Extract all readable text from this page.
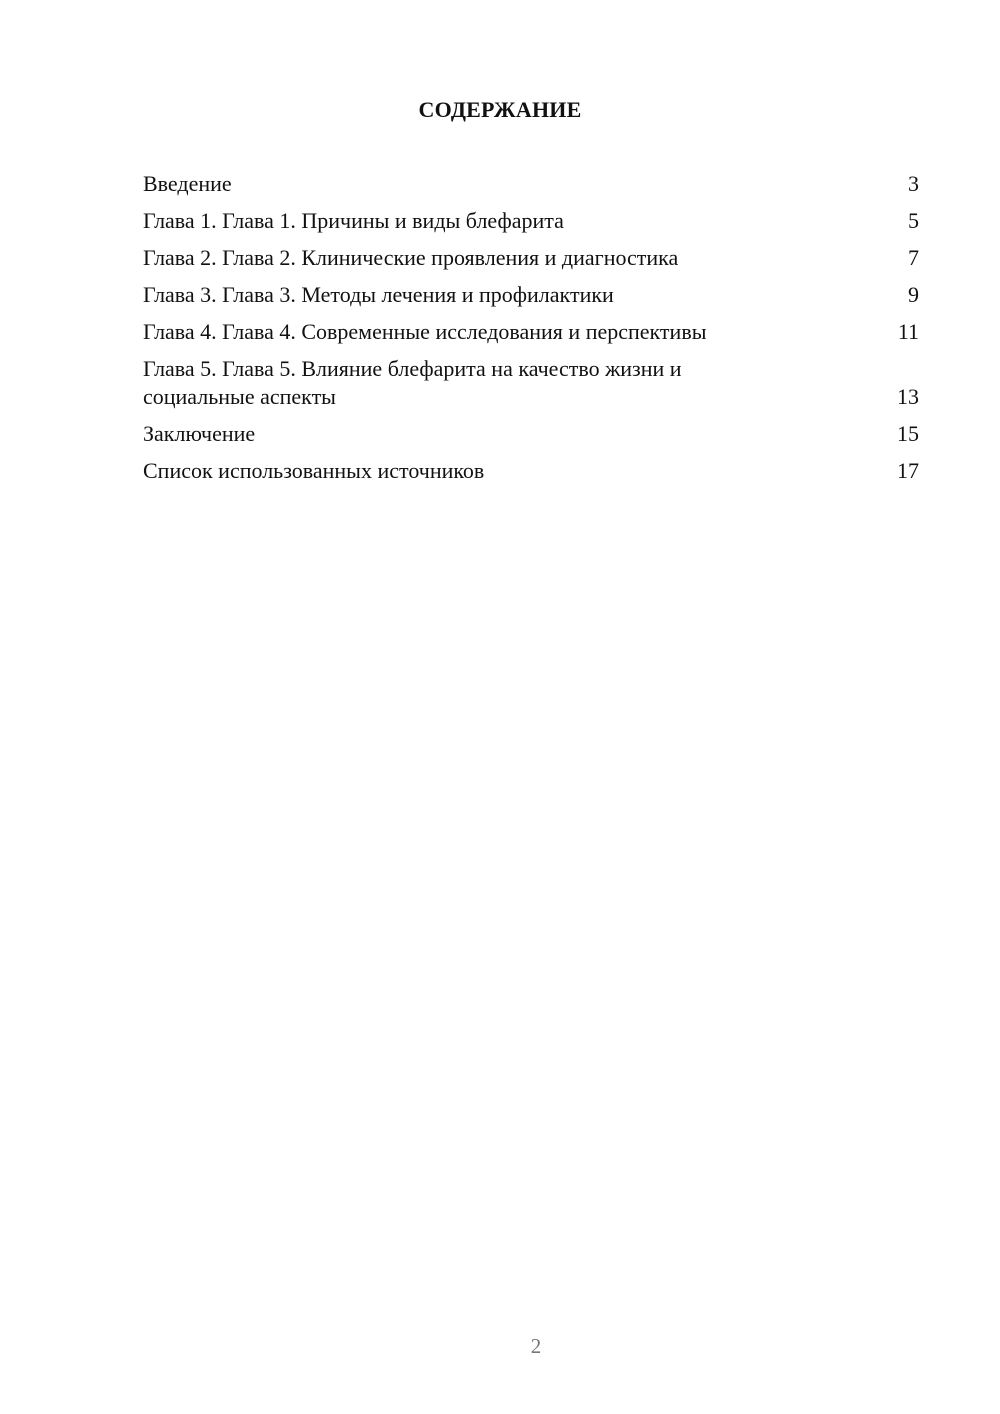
СОДЕРЖАНИЕ
Введение	3
Глава 1. Глава 1. Причины и виды блефарита	5
Глава 2. Глава 2. Клинические проявления и диагностика	7
Глава 3. Глава 3. Методы лечения и профилактики	9
Глава 4. Глава 4. Современные исследования и перспективы	11
Глава 5. Глава 5. Влияние блефарита на качество жизни и социальные аспекты	13
Заключение	15
Список использованных источников	17
2
